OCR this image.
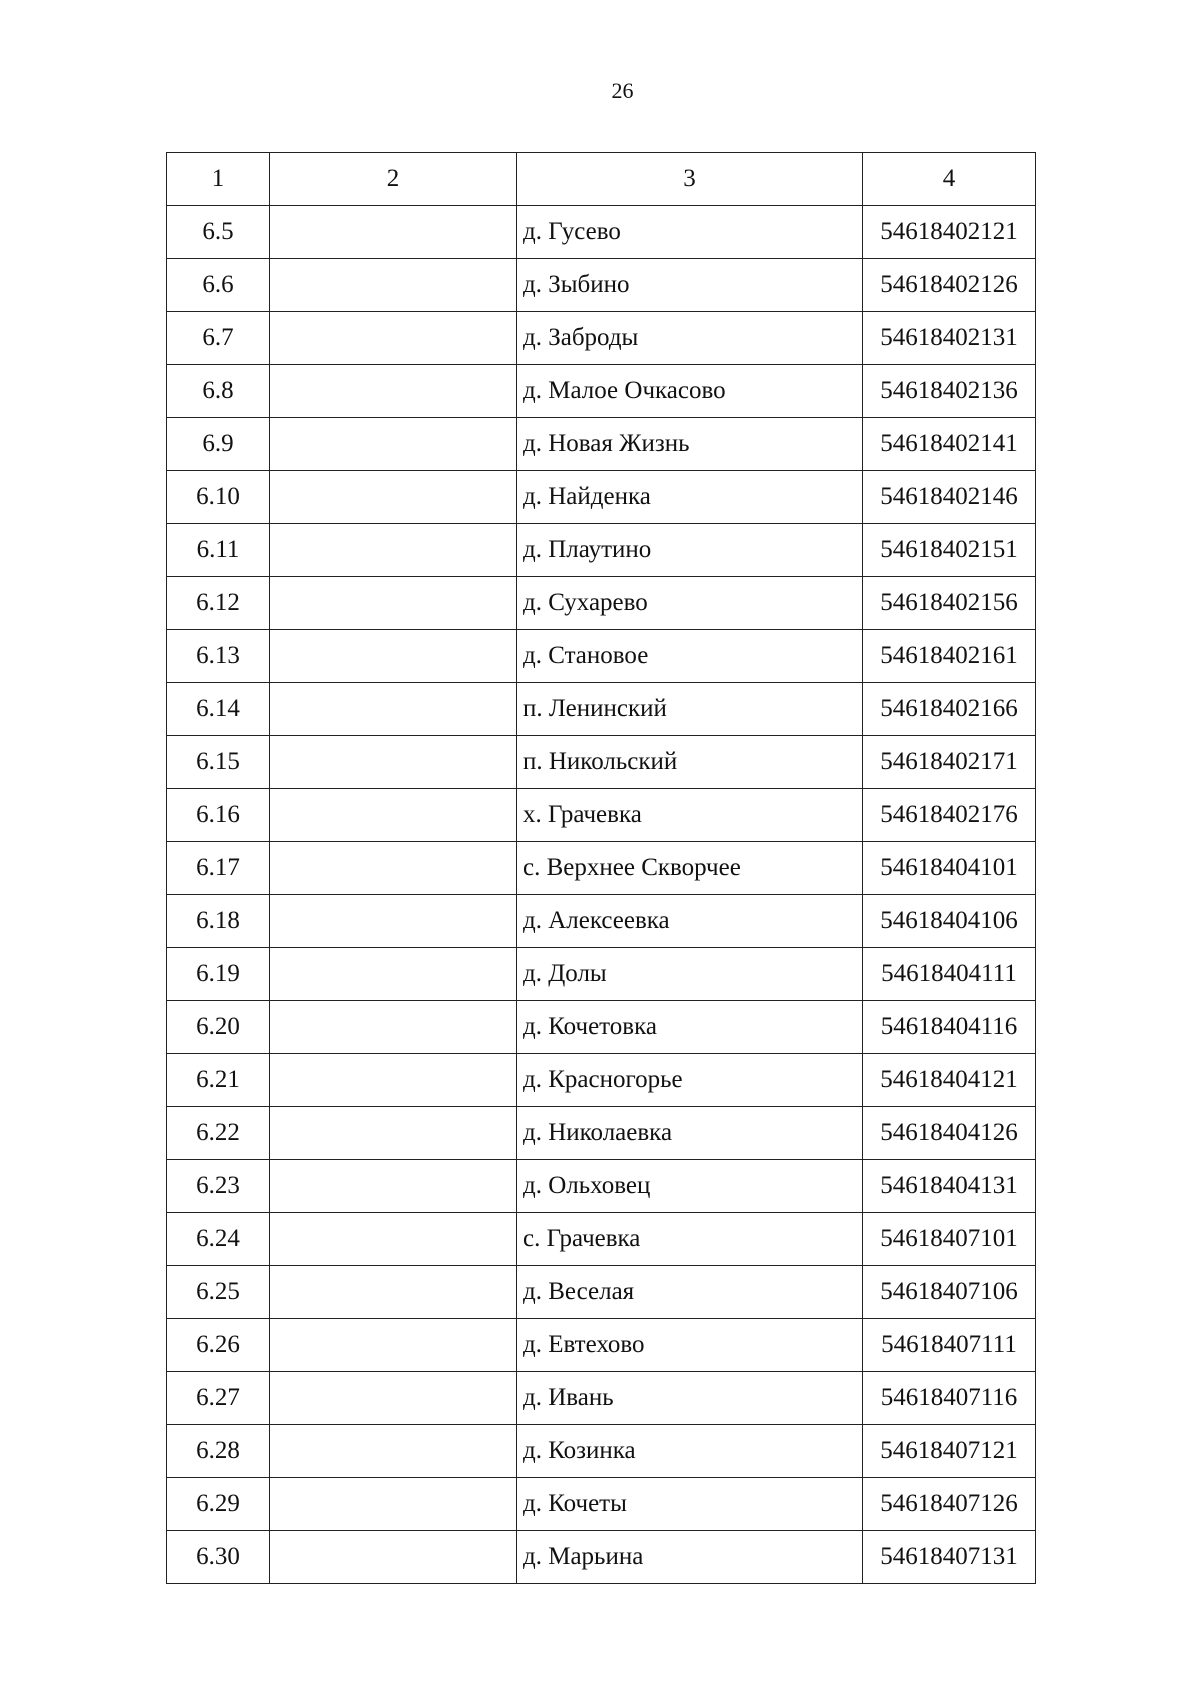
26
1	2	3	4
6.5		д. Гусево	54618402121
6.6		д. Зыбино	54618402126
6.7		д. Заброды	54618402131
6.8		д. Малое Очкасово	54618402136
6.9		д. Новая Жизнь	54618402141
6.10		д. Найденка	54618402146
6.11		д. Плаутино	54618402151
6.12		д. Сухарево	54618402156
6.13		д. Становое	54618402161
6.14		п. Ленинский	54618402166
6.15		п. Никольский	54618402171
6.16		х. Грачевка	54618402176
6.17		с. Верхнее Скворчее	54618404101
6.18		д. Алексеевка	54618404106
6.19		д. Долы	54618404111
6.20		д. Кочетовка	54618404116
6.21		д. Красногорье	54618404121
6.22		д. Николаевка	54618404126
6.23		д. Ольховец	54618404131
6.24		с. Грачевка	54618407101
6.25		д. Веселая	54618407106
6.26		д. Евтехово	54618407111
6.27		д. Ивань	54618407116
6.28		д. Козинка	54618407121
6.29		д. Кочеты	54618407126
6.30		д. Марьина	54618407131
